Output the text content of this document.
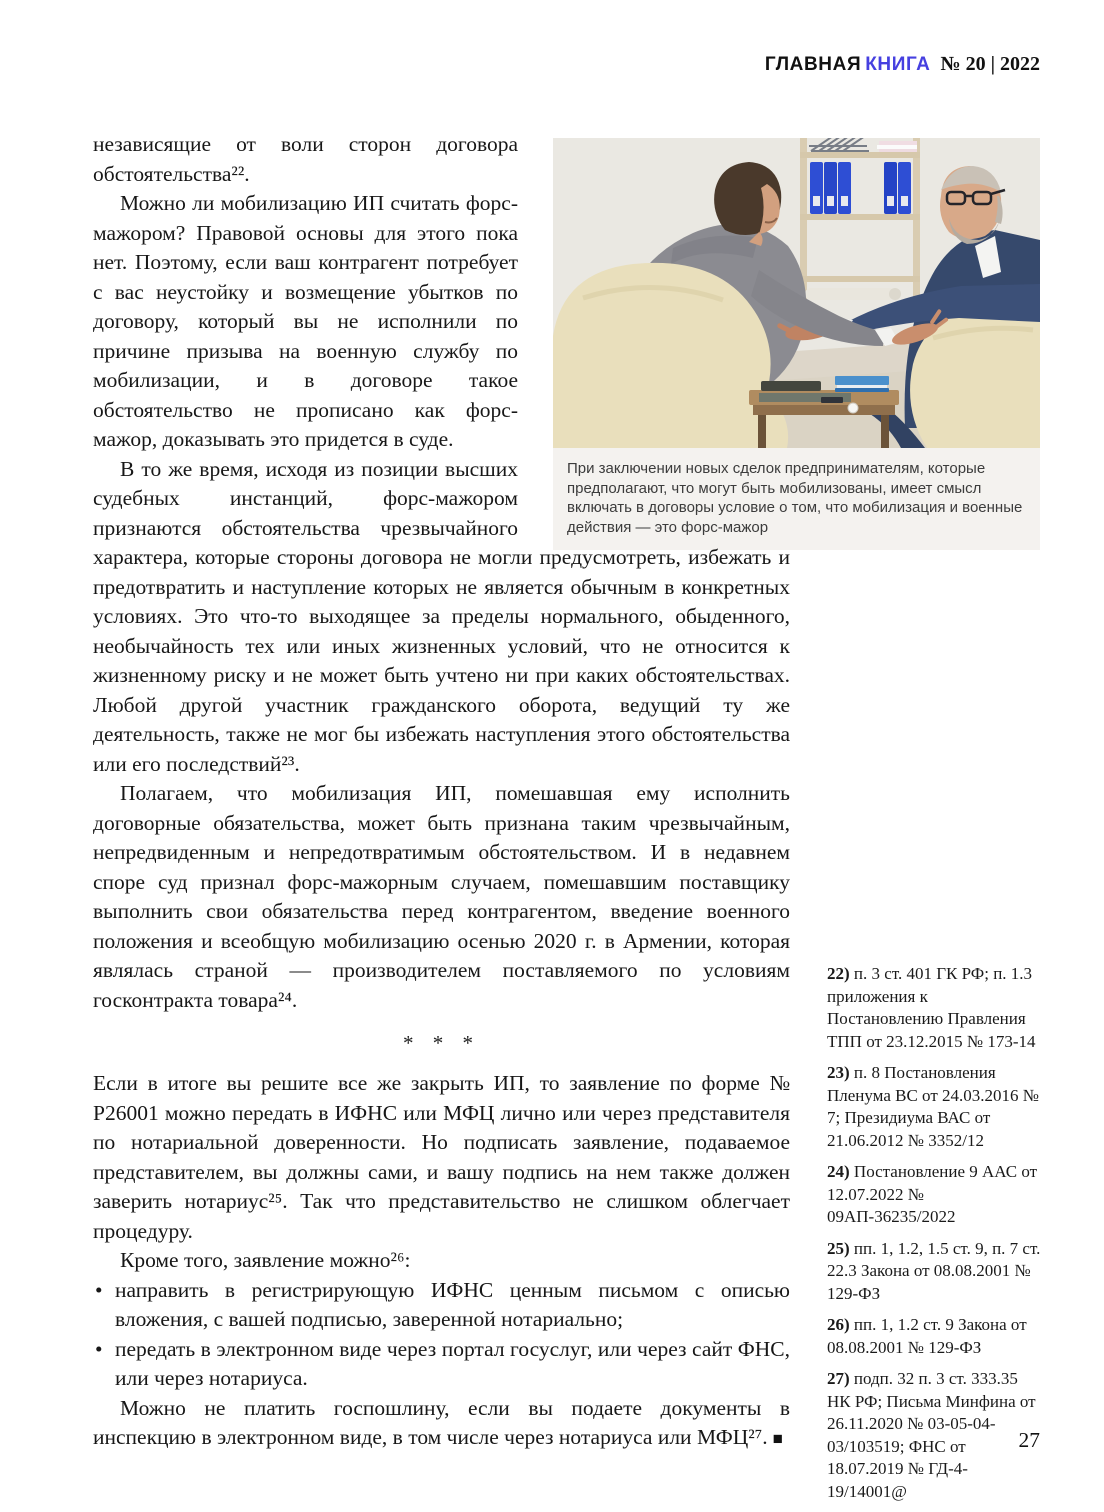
ГЛАВНАЯ КНИГА № 20 | 2022
При заключении новых сделок предпринимателям, которые предполагают, что могут быть мобилизованы, имеет смысл включать в договоры условие о том, что мобилизация и военные действия — это форс-мажор

независящие от воли сторон договора обстоятельства²².

Можно ли мобилизацию ИП считать форс-мажором? Правовой основы для этого пока нет. Поэтому, если ваш контрагент потребует с вас неустойку и возмещение убытков по договору, который вы не исполнили по причине призыва на военную службу по мобилизации, и в договоре такое обстоятельство не прописано как форс-мажор, доказывать это придется в суде.

В то же время, исходя из позиции высших судебных инстанций, форс-мажором признаются обстоятельства чрезвычайного характера, которые стороны договора не могли предусмотреть, избежать и предотвратить и наступление которых не является обычным в конкретных условиях. Это что-то выходящее за пределы нормального, обыденного, необычайность тех или иных жизненных условий, что не относится к жизненному риску и не может быть учтено ни при каких обстоятельствах. Любой другой участник гражданского оборота, ведущий ту же деятельность, также не мог бы избежать наступления этого обстоятельства или его последствий²³.

Полагаем, что мобилизация ИП, помешавшая ему исполнить договорные обязательства, может быть признана таким чрезвычайным, непредвиденным и непредотвратимым обстоятельством. И в недавнем споре суд признал форс-мажорным случаем, помешавшим поставщику выполнить свои обязательства перед контрагентом, введение военного положения и всеобщую мобилизацию осенью 2020 г. в Армении, которая являлась страной — производителем поставляемого по условиям госконтракта товара²⁴.

* * *

Если в итоге вы решите все же закрыть ИП, то заявление по форме № Р26001 можно передать в ИФНС или МФЦ лично или через представителя по нотариальной доверенности. Но подписать заявление, подаваемое представителем, вы должны сами, и вашу подпись на нем также должен заверить нотариус²⁵. Так что представительство не слишком облегчает процедуру.

Кроме того, заявление можно²⁶:

• направить в регистрирующую ИФНС ценным письмом с описью вложения, с вашей подписью, заверенной нотариально;
• передать в электронном виде через портал госуслуг, или через сайт ФНС, или через нотариуса.

Можно не платить госпошлину, если вы подаете документы в инспекцию в электронном виде, в том числе через нотариуса или МФЦ²⁷. ■

22) п. 3 ст. 401 ГК РФ; п. 1.3 приложения к Постановлению Правления ТПП от 23.12.2015 № 173-14
23) п. 8 Постановления Пленума ВС от 24.03.2016 № 7; Президиума ВАС от 21.06.2012 № 3352/12
24) Постановление 9 ААС от 12.07.2022 № 09АП-36235/2022
25) пп. 1, 1.2, 1.5 ст. 9, п. 7 ст. 22.3 Закона от 08.08.2001 № 129-ФЗ
26) пп. 1, 1.2 ст. 9 Закона от 08.08.2001 № 129-ФЗ
27) подп. 32 п. 3 ст. 333.35 НК РФ; Письма Минфина от 26.11.2020 № 03-05-04-03/103519; ФНС от 18.07.2019 № ГД-4-19/14001@
27
